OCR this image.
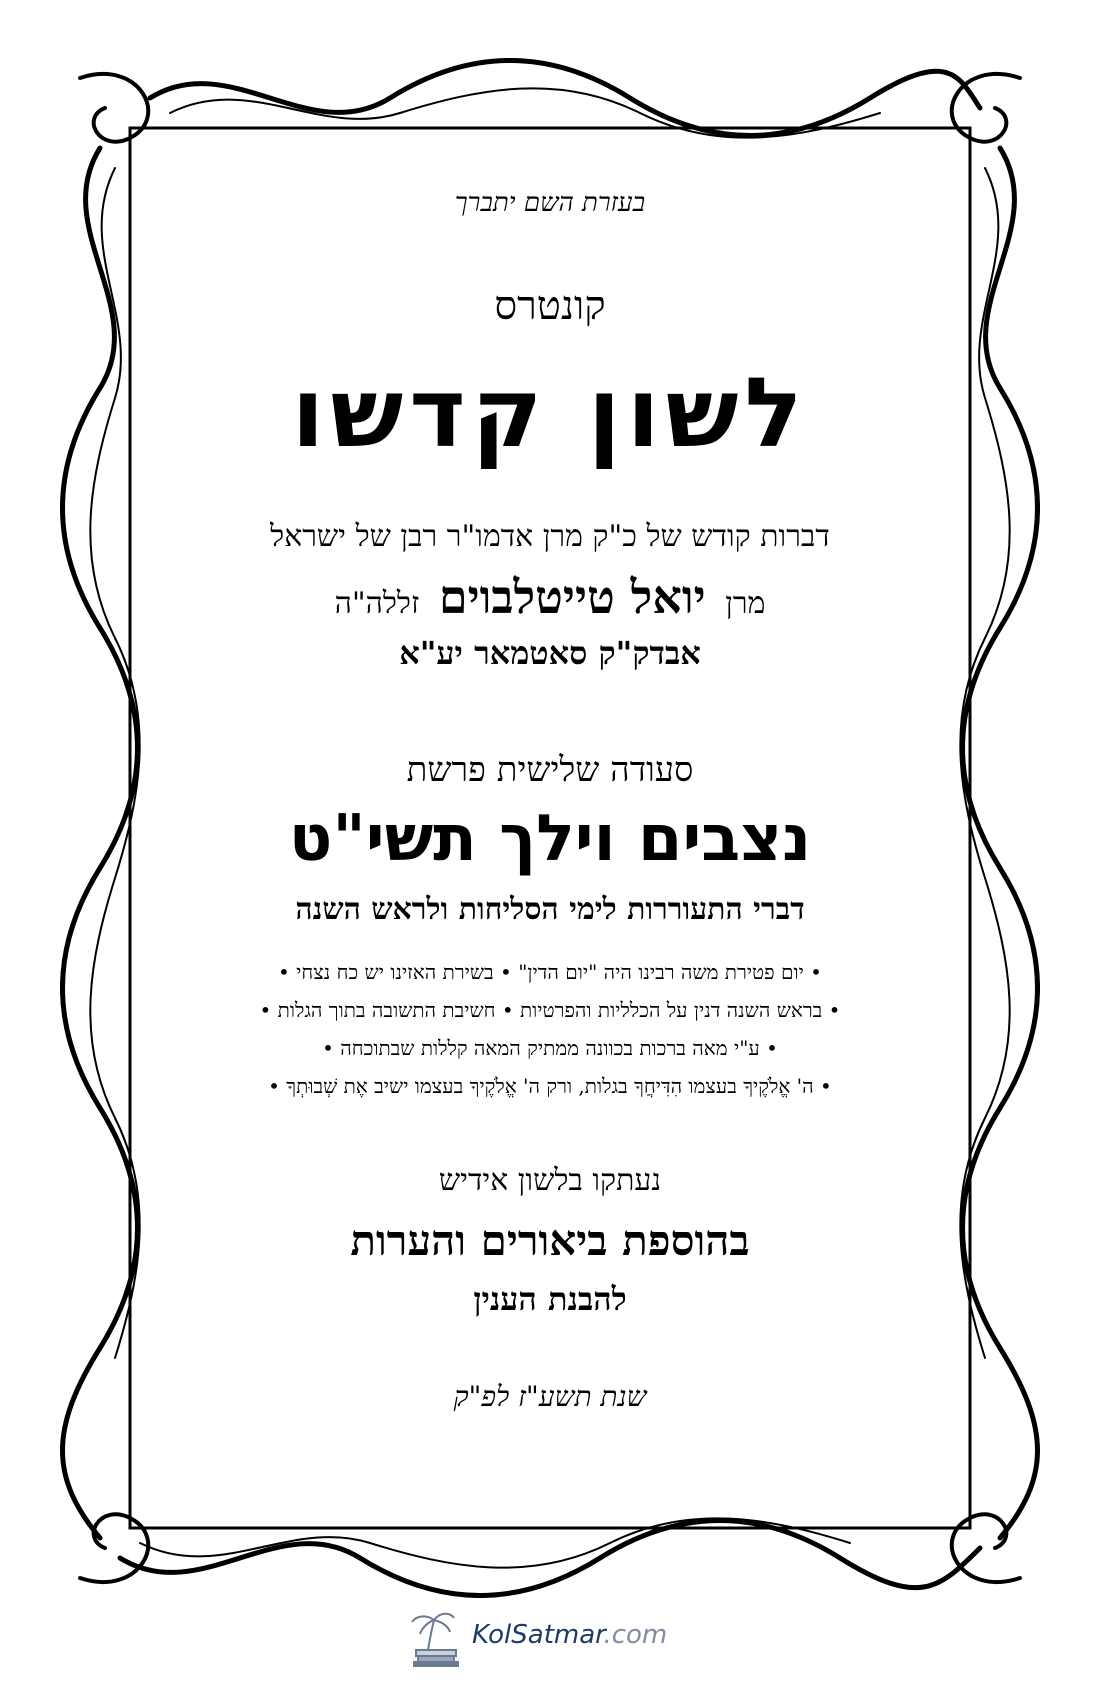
בעזרת השם יתברך
קונטרס
לשון קדשו
דברות קודש של כ"ק מרן אדמו"ר רבן של ישראל
מרן יואל טייטלבוים זללה"ה
אבדק"ק סאטמאר יע"א
סעודה שלישית פרשת
נצבים וילך תשי"ט
דברי התעוררות לימי הסליחות ולראש השנה
• יום פטירת משה רבינו היה "יום הדין" • בשירת האזינו יש כח נצחי •
• בראש השנה דנין על הכלליות והפרטיות • חשיבת התשובה בתוך הגלות •
• ע"י מאה ברכות בכוונה ממתיק המאה קללות שבתוכחה •
• ה' אֱלֹקֶיךָ בעצמו הִדִּיחֲךָ בגלות, ורק ה' אֱלֹקֶיךָ בעצמו ישיב אֶת שְׁבוּתְךָ •
נעתקו בלשון אידיש
בהוספת ביאורים והערות
להבנת הענין
שנת תשע"ז לפ"ק
KolSatmar.com
